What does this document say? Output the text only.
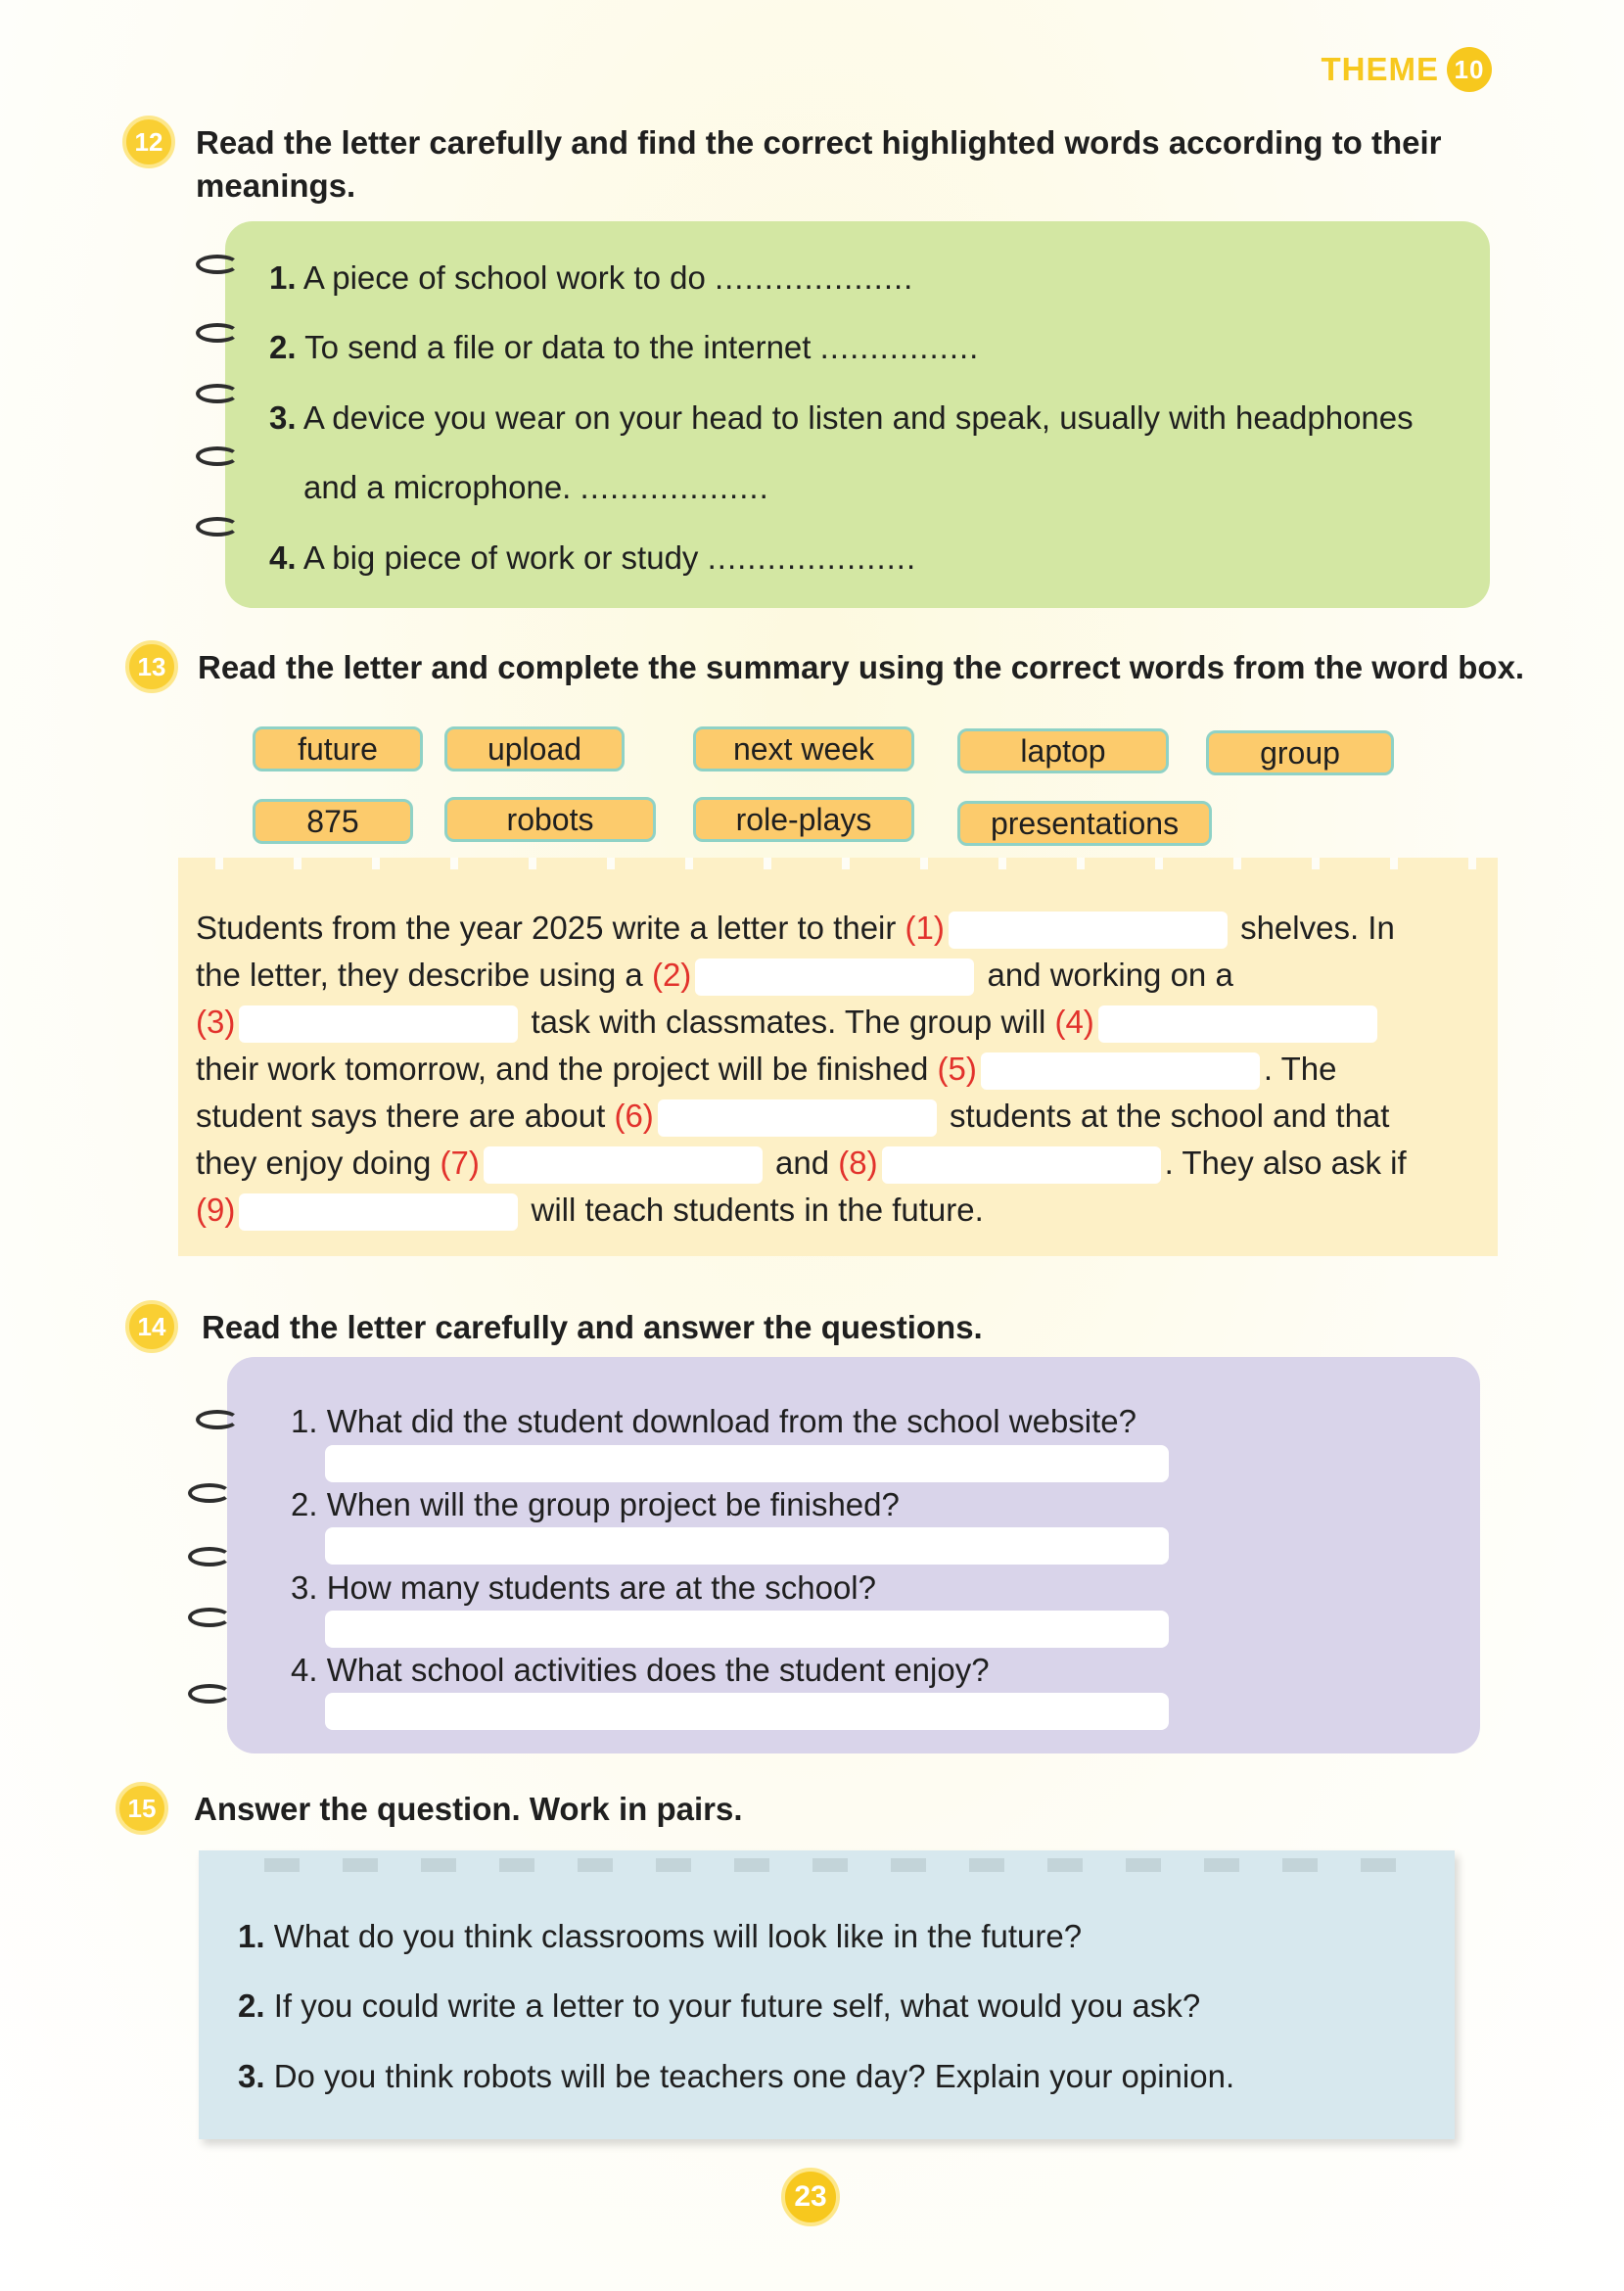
THEME 10
12	Read the letter carefully and find the correct highlighted words according to their
meanings.
1. A piece of school work to do ....................
2. To send a file or data to the internet ................
3. A device you wear on your head to listen and speak, usually with headphones
and a microphone. ...................
4. A big piece of work or study .....................
13 Read the letter and complete the summary using the correct words from the word box.
future	upload	next week	laptop	group
875	robots	role-plays	presentations
Students from the year 2025 write a letter to their (1)	shelves. In
the letter, they describe using a (2)	and working on a
(3)	task with classmates. The group will (4)
their work tomorrow, and the project will be finished (5)	. The
student says there are about (6)	students at the school and that
they enjoy doing (7)	and (8)	. They also ask if
(9)	will teach students in the future.
14	Read the letter carefully and answer the questions.
1. What did the student download from the school website?
2. When will the group project be finished?
3. How many students are at the school?
4. What school activities does the student enjoy?
15	Answer the question. Work in pairs.
1. What do you think classrooms will look like in the future?
2. If you could write a letter to your future self, what would you ask?
3. Do you think robots will be teachers one day? Explain your opinion.
23
